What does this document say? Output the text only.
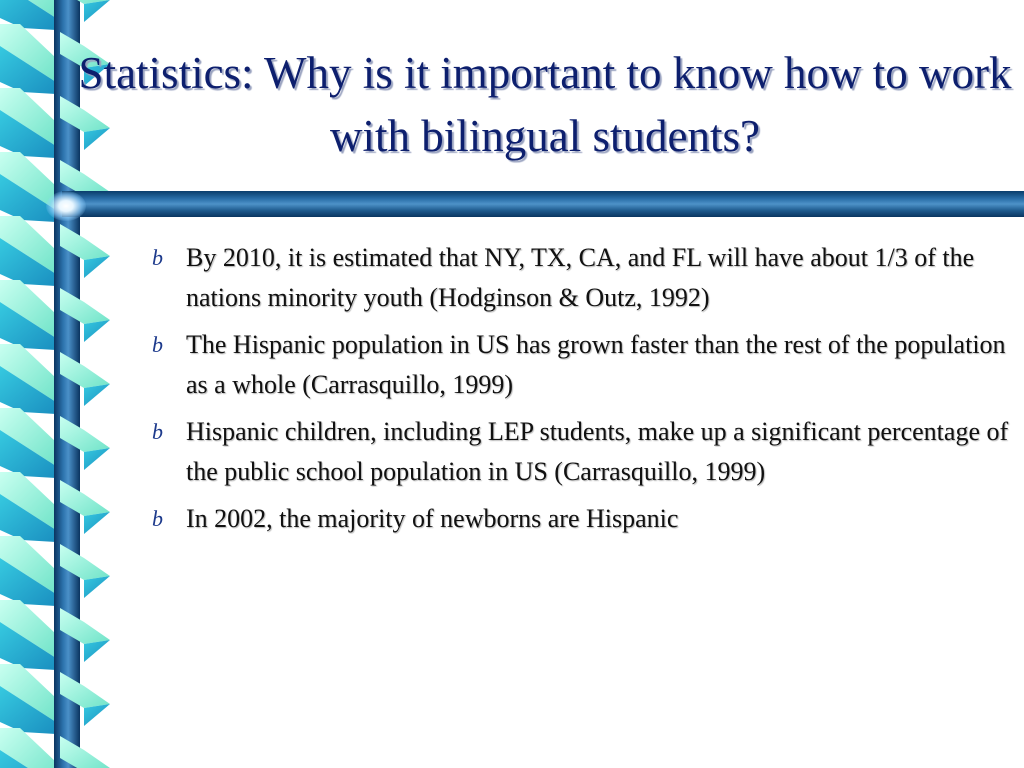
Statistics: Why is it important to know how to work with bilingual students?
b By 2010, it is estimated that NY, TX, CA, and FL will have about 1/3 of the nations minority youth (Hodginson & Outz, 1992)
b The Hispanic population in US has grown faster than the rest of the population as a whole (Carrasquillo, 1999)
b Hispanic children, including LEP students, make up a significant percentage of the public school population in US (Carrasquillo, 1999)
b In 2002, the majority of newborns are Hispanic
